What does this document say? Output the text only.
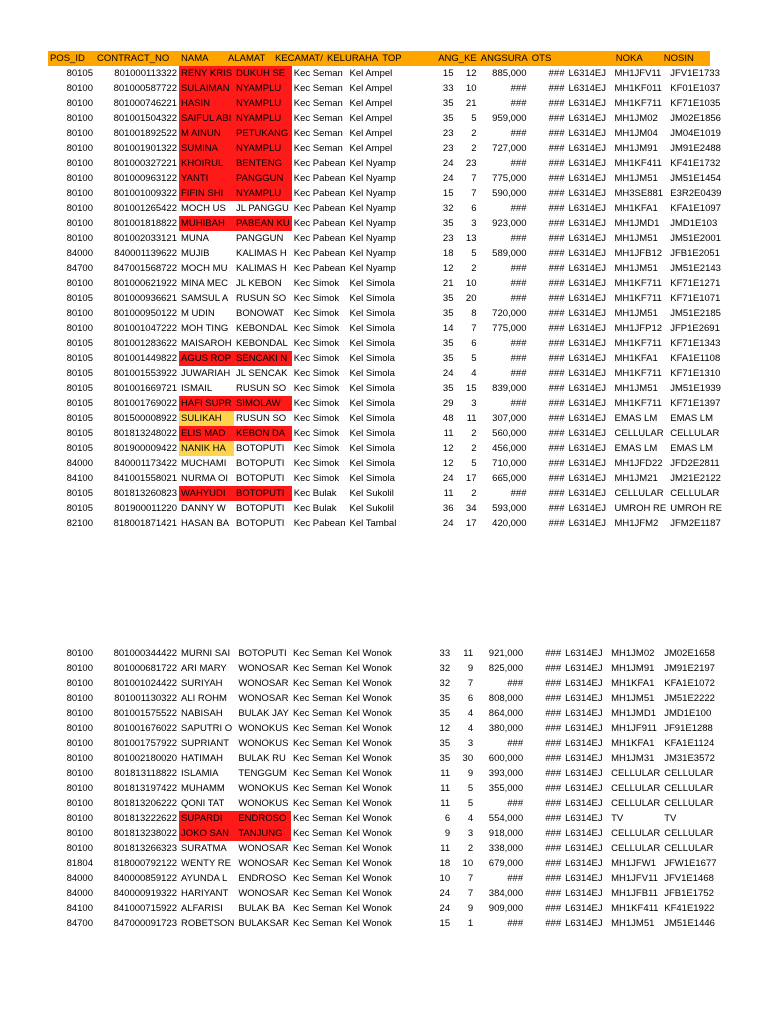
POS_ID	CONTRACT_NO	NAMA	ALAMAT	KECAMAT/	KELURAHA	TOP	ANG_KE	ANGSURA	OTS		NOKA	NOSIN
80105	801000113322	RENY KRIS	DUKUH SE	Kec Seman	Kel Ampel	15	12	885,000	###	L6314EJ	MH1JFV11	JFV1E1733
80100	801000587722	SULAIMAN	NYAMPLU	Kec Seman	Kel Ampel	33	10	###	###	L6314EJ	MH1KF011	KF01E1037
80100	801000746221	HASIN	NYAMPLU	Kec Seman	Kel Ampel	35	21	###	###	L6314EJ	MH1KF711	KF71E1035
80100	801001504322	SAIFUL ABI	NYAMPLU	Kec Seman	Kel Ampel	35	5	959,000	###	L6314EJ	MH1JM02	JM02E1856
80100	801001892522	M AINUN	PETUKANG	Kec Seman	Kel Ampel	23	2	###	###	L6314EJ	MH1JM04	JM04E1019
80100	801001901322	SUMINA	NYAMPLU	Kec Seman	Kel Ampel	23	2	727,000	###	L6314EJ	MH1JM91	JM91E2488
80100	801000327221	KHOIRUL	BENTENG	Kec Pabean	Kel Nyamp	24	23	###	###	L6314EJ	MH1KF411	KF41E1732
80100	801000963122	YANTI	PANGGUN	Kec Pabean	Kel Nyamp	24	7	775,000	###	L6314EJ	MH1JM51	JM51E1454
80100	801001009322	FIFIN SHI	NYAMPLU	Kec Pabean	Kel Nyamp	15	7	590,000	###	L6314EJ	MH3SE881	E3R2E0439
80100	801001265422	MOCH US	JL PANGGU	Kec Pabean	Kel Nyamp	32	6	###	###	L6314EJ	MH1KFA1	KFA1E1097
80100	801001818822	MUHIBAH	PABEAN KU	Kec Pabean	Kel Nyamp	35	3	923,000	###	L6314EJ	MH1JMD1	JMD1E103
80100	801002033121	MUNA	PANGGUN	Kec Pabean	Kel Nyamp	23	13	###	###	L6314EJ	MH1JM51	JM51E2001
84000	840001139622	MUJIB	KALIMAS H	Kec Pabean	Kel Nyamp	18	5	589,000	###	L6314EJ	MH1JFB12	JFB1E2051
84700	847001568722	MOCH MU	KALIMAS H	Kec Pabean	Kel Nyamp	12	2	###	###	L6314EJ	MH1JM51	JM51E2143
80100	801000621922	MINA MEC	JL KEBON	Kec Simok	Kel Simola	21	10	###	###	L6314EJ	MH1KF711	KF71E1271
80105	801000936621	SAMSUL A	RUSUN SO	Kec Simok	Kel Simola	35	20	###	###	L6314EJ	MH1KF711	KF71E1071
80100	801000950122	M UDIN	BONOWAT	Kec Simok	Kel Simola	35	8	720,000	###	L6314EJ	MH1JM51	JM51E2185
80100	801001047222	MOH TING	KEBONDAL	Kec Simok	Kel Simola	14	7	775,000	###	L6314EJ	MH1JFP12	JFP1E2691
80105	801001283622	MAISAROH	KEBONDAL	Kec Simok	Kel Simola	35	6	###	###	L6314EJ	MH1KF711	KF71E1343
80105	801001449822	AGUS ROP	SENCAKI N	Kec Simok	Kel Simola	35	5	###	###	L6314EJ	MH1KFA1	KFA1E1108
80105	801001553922	JUWARIAH	JL SENCAK	Kec Simok	Kel Simola	24	4	###	###	L6314EJ	MH1KF711	KF71E1310
80105	801001669721	ISMAIL	RUSUN SO	Kec Simok	Kel Simola	35	15	839,000	###	L6314EJ	MH1JM51	JM51E1939
80105	801001769022	HAFI SUPR	SIMOLAW	Kec Simok	Kel Simola	29	3	###	###	L6314EJ	MH1KF711	KF71E1397
80105	801500008922	SULIKAH	RUSUN SO	Kec Simok	Kel Simola	48	11	307,000	###	L6314EJ	EMAS LM	EMAS LM
80105	801813248022	ELIS MAD	KEBON DA	Kec Simok	Kel Simola	11	2	560,000	###	L6314EJ	CELLULAR	CELLULAR
80105	801900009422	NANIK HA	BOTOPUTI	Kec Simok	Kel Simola	12	2	456,000	###	L6314EJ	EMAS LM	EMAS LM
84000	840001173422	MUCHAMI	BOTOPUTI	Kec Simok	Kel Simola	12	5	710,000	###	L6314EJ	MH1JFD22	JFD2E2811
84100	841001558021	NURMA OI	BOTOPUTI	Kec Simok	Kel Simola	24	17	665,000	###	L6314EJ	MH1JM21	JM21E2122
80105	801813260823	WAHYUDI	BOTOPUTI	Kec Bulak	Kel Sukolil	11	2	###	###	L6314EJ	CELLULAR	CELLULAR
80105	801900011220	DANNY W	BOTOPUTI	Kec Bulak	Kel Sukolil	36	34	593,000	###	L6314EJ	UMROH RE	UMROH RE
82100	818001871421	HASAN BA	BOTOPUTI	Kec Pabean	Kel Tambal	24	17	420,000	###	L6314EJ	MH1JFM2	JFM2E1187
80100	801000344422	MURNI SAI	BOTOPUTI	Kec Seman	Kel Wonok	33	11	921,000	###	L6314EJ	MH1JM02	JM02E1658
80100	801000681722	ARI MARY	WONOSAR	Kec Seman	Kel Wonok	32	9	825,000	###	L6314EJ	MH1JM91	JM91E2197
80100	801001024422	SURIYAH	WONOSAR	Kec Seman	Kel Wonok	32	7	###	###	L6314EJ	MH1KFA1	KFA1E1072
80100	801001130322	ALI ROHM	WONOSAR	Kec Seman	Kel Wonok	35	6	808,000	###	L6314EJ	MH1JM51	JM51E2222
80100	801001575522	NABISAH	BULAK JAY	Kec Seman	Kel Wonok	35	4	864,000	###	L6314EJ	MH1JMD1	JMD1E100
80100	801001676022	SAPUTRI O	WONOKUS	Kec Seman	Kel Wonok	12	4	380,000	###	L6314EJ	MH1JF911	JF91E1288
80100	801001757922	SUPRIANT	WONOKUS	Kec Seman	Kel Wonok	35	3	###	###	L6314EJ	MH1KFA1	KFA1E1124
80100	801002180020	HATIMAH	BULAK RU	Kec Seman	Kel Wonok	35	30	600,000	###	L6314EJ	MH1JM31	JM31E3572
80100	801813118822	ISLAMIA	TENGGUM	Kec Seman	Kel Wonok	11	9	393,000	###	L6314EJ	CELLULAR	CELLULAR
80100	801813197422	MUHAMM	WONOKUS	Kec Seman	Kel Wonok	11	5	355,000	###	L6314EJ	CELLULAR	CELLULAR
80100	801813206222	QONI TAT	WONOKUS	Kec Seman	Kel Wonok	11	5	###	###	L6314EJ	CELLULAR	CELLULAR
80100	801813222622	SUPARDI	ENDROSO	Kec Seman	Kel Wonok	6	4	554,000	###	L6314EJ	TV	TV
80100	801813238022	JOKO SAN	TANJUNG	Kec Seman	Kel Wonok	9	3	918,000	###	L6314EJ	CELLULAR	CELLULAR
80100	801813266323	SURATMA	WONOSAR	Kec Seman	Kel Wonok	11	2	338,000	###	L6314EJ	CELLULAR	CELLULAR
81804	818000792122	WENTY RE	WONOSAR	Kec Seman	Kel Wonok	18	10	679,000	###	L6314EJ	MH1JFW1	JFW1E1677
84000	840000859122	AYUNDA L	ENDROSO	Kec Seman	Kel Wonok	10	7	###	###	L6314EJ	MH1JFV11	JFV1E1468
84000	840000919322	HARIYANT	WONOSAR	Kec Seman	Kel Wonok	24	7	384,000	###	L6314EJ	MH1JFB11	JFB1E1752
84100	841000715922	ALFARISI	BULAK BA	Kec Seman	Kel Wonok	24	9	909,000	###	L6314EJ	MH1KF411	KF41E1922
84700	847000091723	ROBETSON	BULAKSAR	Kec Seman	Kel Wonok	15	1	###	###	L6314EJ	MH1JM51	JM51E1446
